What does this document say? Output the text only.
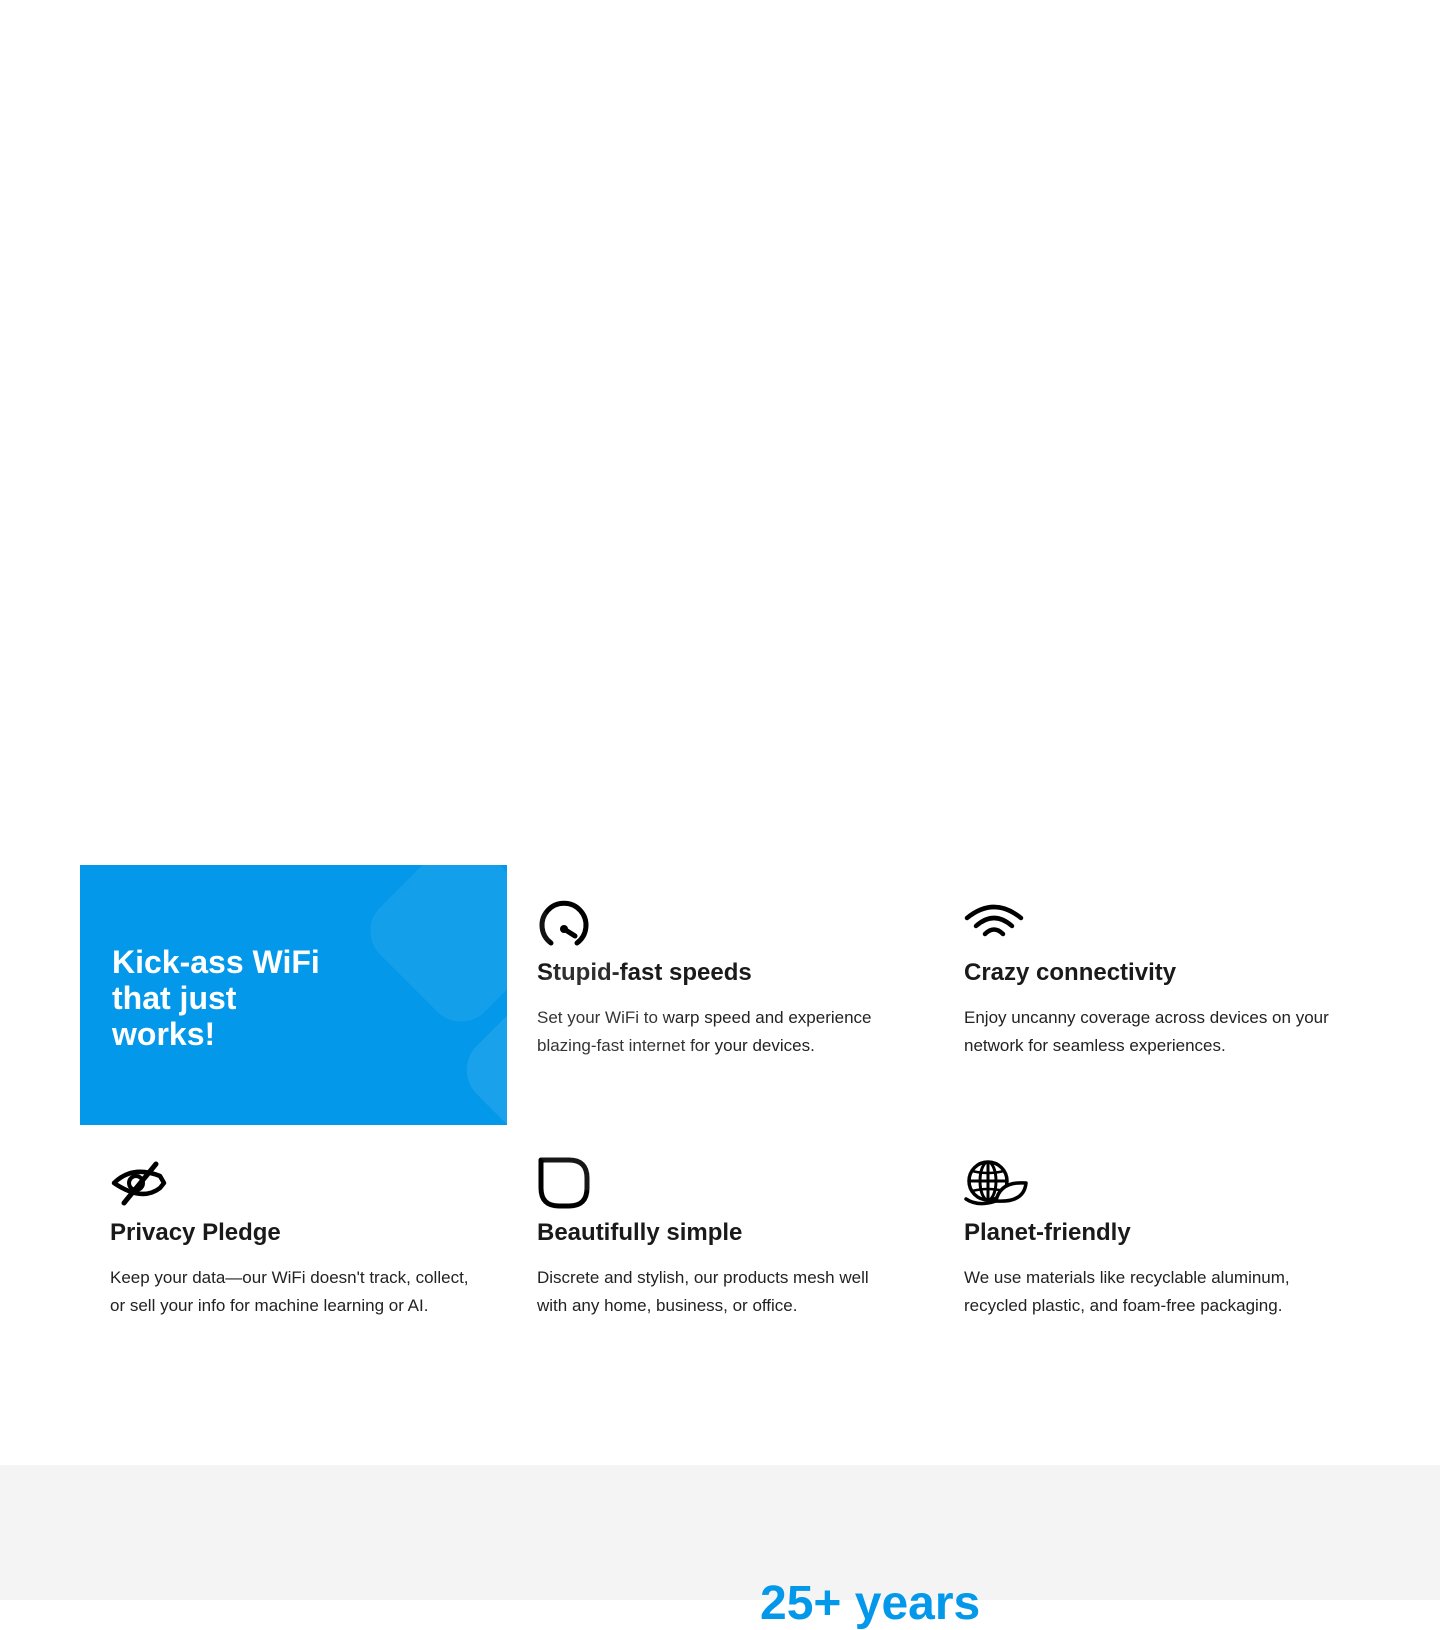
Kick-ass WiFi that just works!
Stupid-fast speeds

Set your WiFi to warp speed and experience blazing-fast internet for your devices.

Crazy connectivity

Enjoy uncanny coverage across devices on your network for seamless experiences.

Privacy Pledge

Keep your data—our WiFi doesn't track, collect, or sell your info for machine learning or AI.

Beautifully simple

Discrete and stylish, our products mesh well with any home, business, or office.

Planet-friendly

We use materials like recyclable aluminum, recycled plastic, and foam-free packaging.

25+ years
